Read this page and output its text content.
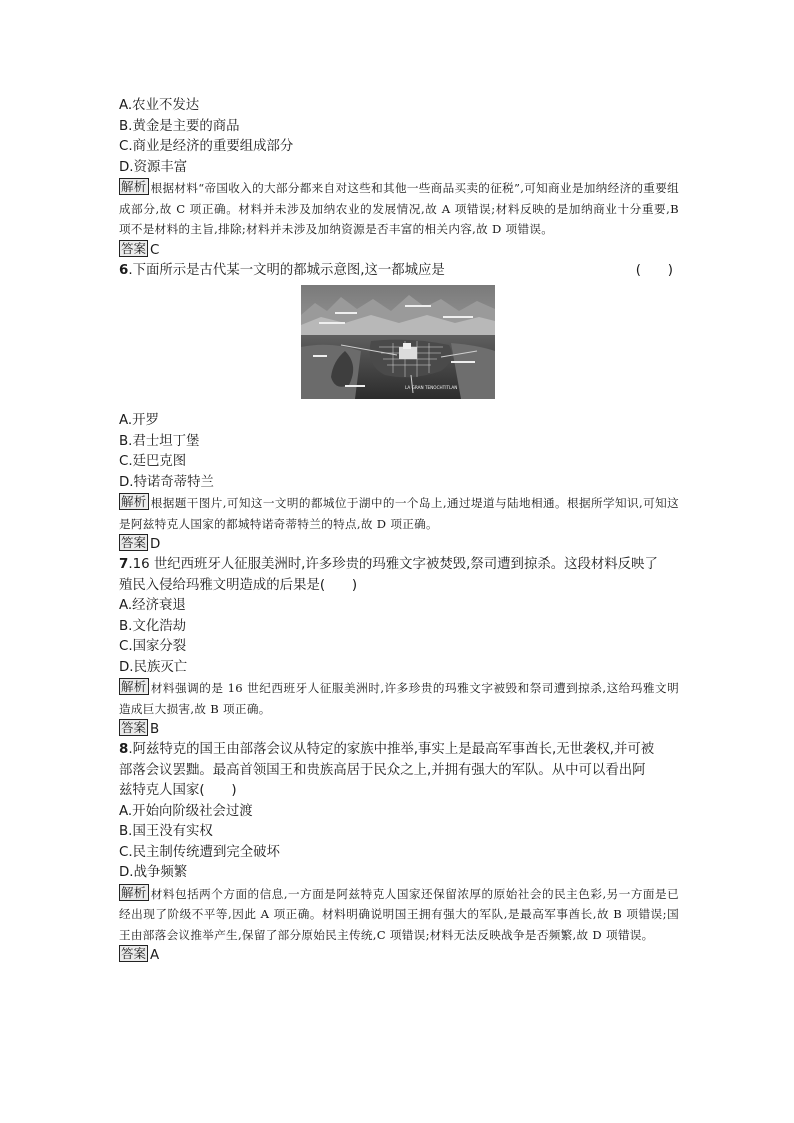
A.农业不发达
B.黄金是主要的商品
C.商业是经济的重要组成部分
D.资源丰富
解析 根据材料“帝国收入的大部分都来自对这些和其他一些商品买卖的征税”,可知商业是加纳经济的重要组成部分,故 C 项正确。材料并未涉及加纳农业的发展情况,故 A 项错误;材料反映的是加纳商业十分重要,B 项不是材料的主旨,排除;材料并未涉及加纳资源是否丰富的相关内容,故 D 项错误。
答案 C
6.下面所示是古代某一文明的都城示意图,这一都城应是	(　　)
LA GRAN TENOCHTITLAN
A.开罗
B.君士坦丁堡
C.廷巴克图
D.特诺奇蒂特兰
解析 根据题干图片,可知这一文明的都城位于湖中的一个岛上,通过堤道与陆地相通。根据所学知识,可知这是阿兹特克人国家的都城特诺奇蒂特兰的特点,故 D 项正确。
答案 D
7.16 世纪西班牙人征服美洲时,许多珍贵的玛雅文字被焚毁,祭司遭到掠杀。这段材料反映了
殖民入侵给玛雅文明造成的后果是(　　)
A.经济衰退
B.文化浩劫
C.国家分裂
D.民族灭亡
解析 材料强调的是 16 世纪西班牙人征服美洲时,许多珍贵的玛雅文字被毁和祭司遭到掠杀,这给玛雅文明造成巨大损害,故 B 项正确。
答案 B
8.阿兹特克的国王由部落会议从特定的家族中推举,事实上是最高军事酋长,无世袭权,并可被
部落会议罢黜。最高首领国王和贵族高居于民众之上,并拥有强大的军队。从中可以看出阿
兹特克人国家(　　)
A.开始向阶级社会过渡
B.国王没有实权
C.民主制传统遭到完全破坏
D.战争频繁
解析 材料包括两个方面的信息,一方面是阿兹特克人国家还保留浓厚的原始社会的民主色彩,另一方面是已经出现了阶级不平等,因此 A 项正确。材料明确说明国王拥有强大的军队,是最高军事酋长,故 B 项错误;国王由部落会议推举产生,保留了部分原始民主传统,C 项错误;材料无法反映战争是否频繁,故 D 项错误。
答案 A
